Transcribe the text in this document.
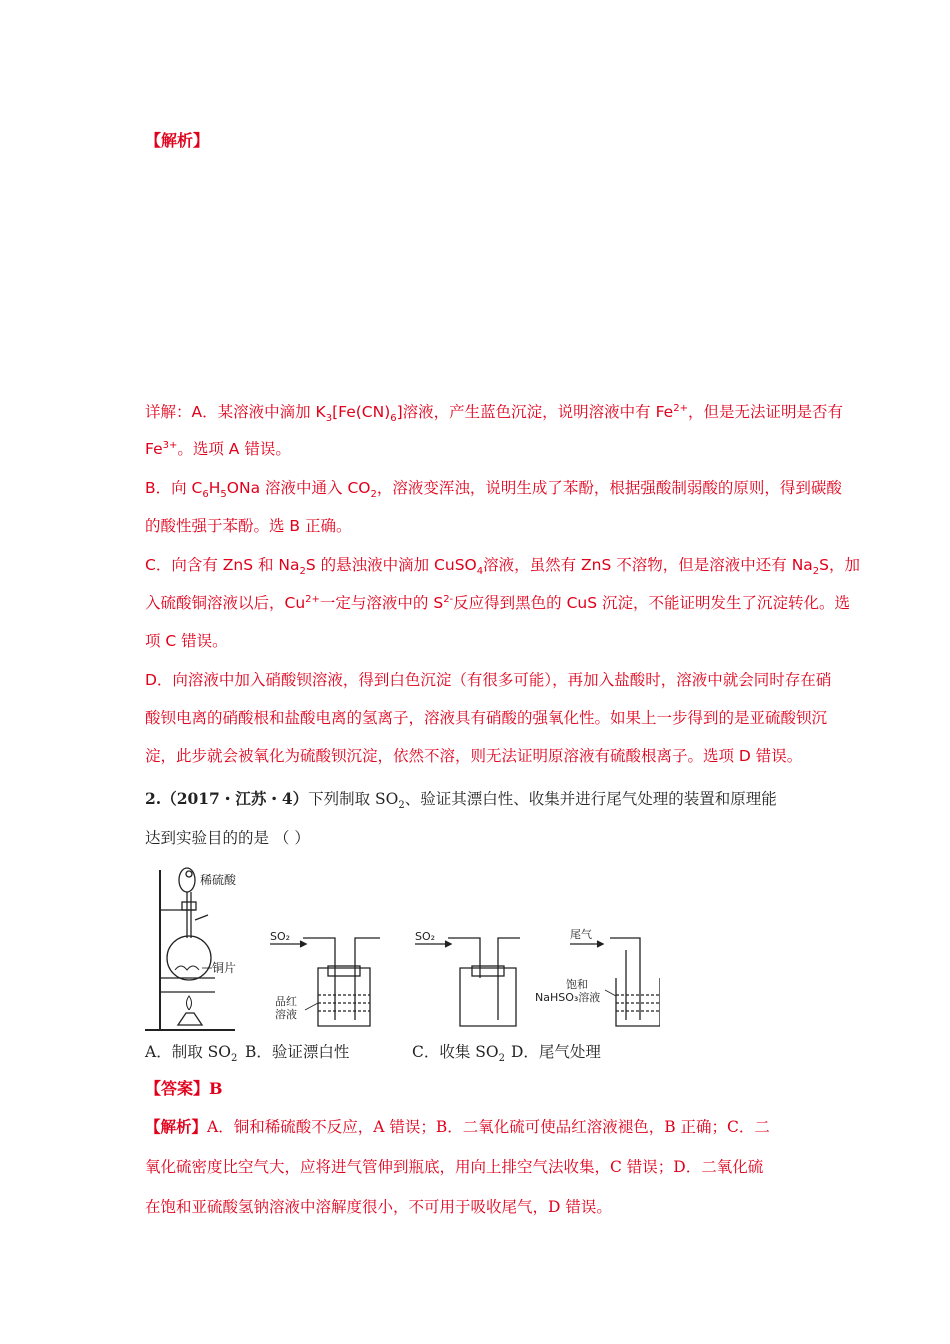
【解析】
详解：A．某溶液中滴加 $K_3[Fe(CN)_6]$溶液，产生蓝色沉淀，说明溶液中有 $Fe^{2+}$，但是无法证明是否有
$Fe^{3+}$。选项 A 错误。
B．向 $C_6H_5ONa$ 溶液中通入 $CO_2$，溶液变浑浊，说明生成了苯酚，根据强酸制弱酸的原则，得到碳酸
的酸性强于苯酚。选 B 正确。
C．向含有 ZnS 和 $Na_2S$ 的悬浊液中滴加 CuSO$_4$溶液，虽然有 ZnS 不溶物，但是溶液中还有 $Na_2S$，加
入硫酸铜溶液以后，$Cu^{2+}$一定与溶液中的 $S^{2-}$反应得到黑色的 CuS 沉淀，不能证明发生了沉淀转化。选
项 C 错误。
D．向溶液中加入硝酸钡溶液，得到白色沉淀（有很多可能），再加入盐酸时，溶液中就会同时存在硝
酸钡电离的硝酸根和盐酸电离的氢离子，溶液具有硝酸的强氧化性。如果上一步得到的是亚硫酸钡沉
淀，此步就会被氧化为硫酸钡沉淀，依然不溶，则无法证明原溶液有硫酸根离子。选项 D 错误。
2.（2017・江苏・4）下列制取 $SO_2$、验证其漂白性、收集并进行尾气处理的装置和原理能
达到实验目的的是 （ ）
稀硫酸
铜片
SO₂
品红
溶液
SO₂	尾气
饱和
NaHSO₃溶液
A．制取 $SO_2$ B．验证漂白性	C．收集 $SO_2$ D．尾气处理
【答案】B
【解析】A．铜和稀硫酸不反应，A 错误；B．二氧化硫可使品红溶液褪色，B 正确；C．二
氧化硫密度比空气大，应将进气管伸到瓶底，用向上排空气法收集，C 错误；D．二氧化硫
在饱和亚硫酸氢钠溶液中溶解度很小，不可用于吸收尾气，D 错误。
